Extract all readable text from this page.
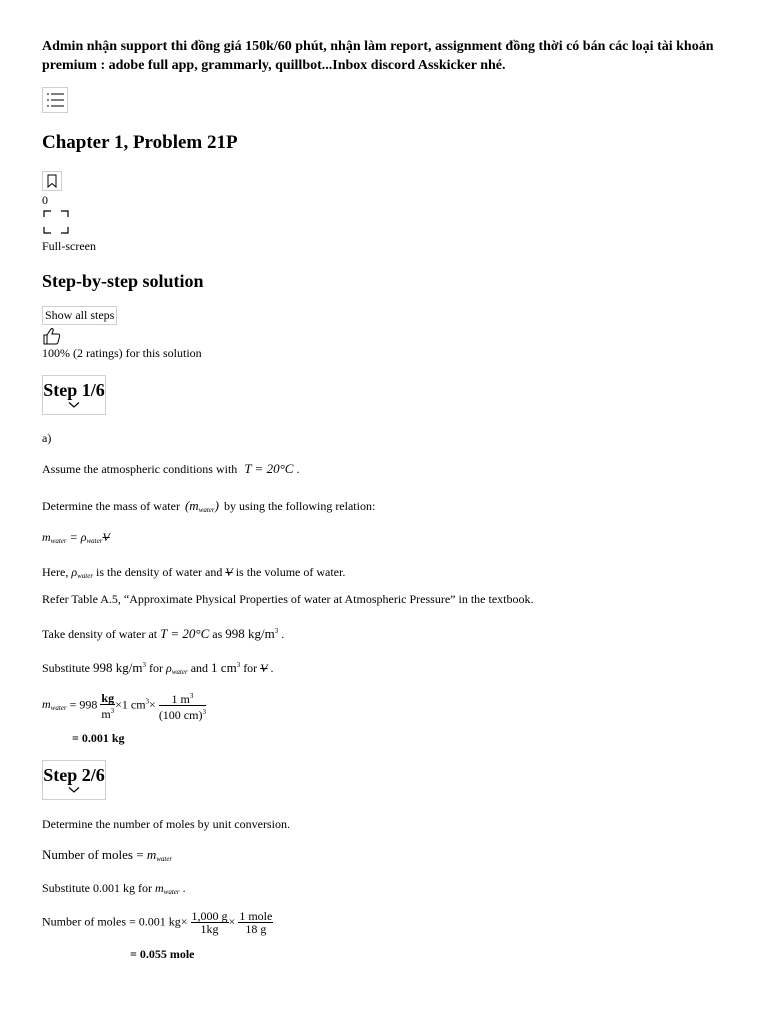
Admin nhận support thi đồng giá 150k/60 phút, nhận làm report, assignment đồng thời có bán các loại tài khoản premium : adobe full app, grammarly, quillbot...Inbox discord Asskicker nhé.
Chapter 1, Problem 21P
0
Full-screen
Step-by-step solution
Show all steps
100% (2 ratings) for this solution
Step 1/6
a)
Assume the atmospheric conditions with T = 20°C .
Determine the mass of water $(m_{water})$ by using the following relation:
$m_{water} = \rho_{water}V$
Here, $\rho_{water}$ is the density of water and V is the volume of water.
Refer Table A.5, “Approximate Physical Properties of water at Atmospheric Pressure” in the textbook.
Take density of water at T = 20°C as 998 $kg/m^3$ .
Substitute 998 $kg/m^3$ for $\rho_{water}$ and 1 $cm^3$ for V .
$m_{water} = 998 \frac{kg}{m^3} \times 1$ $cm^3\times \frac{1 m^3}{(100 cm)^3}$
= 0.001 kg
Step 2/6
Determine the number of moles by unit conversion.
Number of moles = $m_{water}$
Substitute 0.001 kg for $m_{water}$ .
Number of moles = 0.001 $kg\times \frac{1,000 g}{1kg} \times \frac{\text{1 mole}}{18 g}$
= 0.055 mole
